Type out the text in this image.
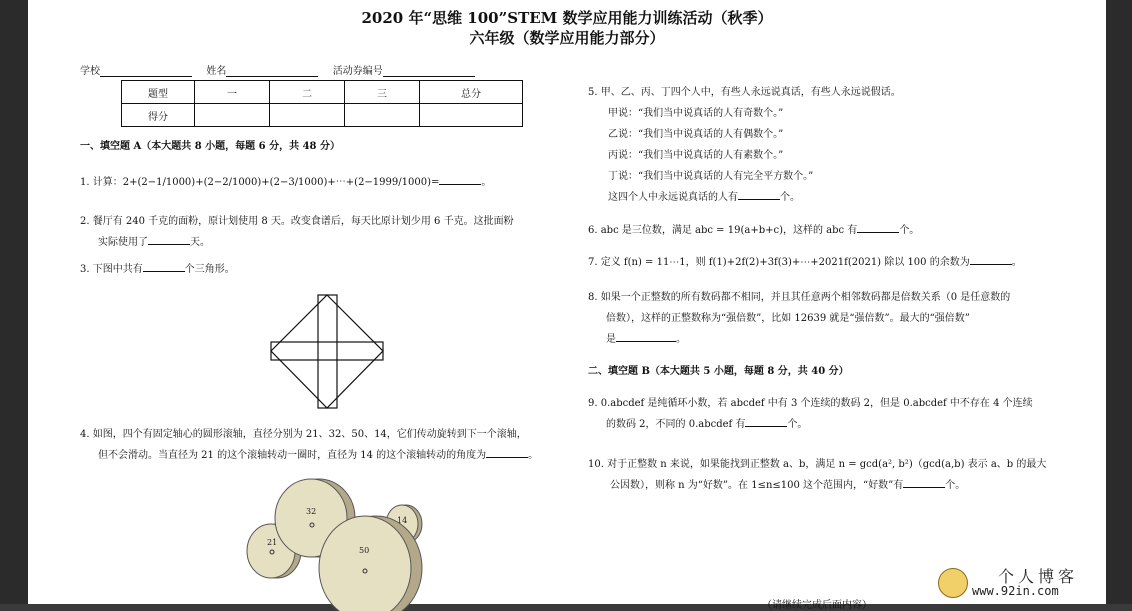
2020 年“思维 100”STEM 数学应用能力训练活动（秋季）
六年级（数学应用能力部分）
学校	姓名	活动券编号
题型	一	二	三	总分
得分				
一、填空题 A（本大题共 8 小题，每题 6 分，共 48 分）
1. 计算：2+(2−1/1000)+(2−2/1000)+(2−3/1000)+⋯+(2−1999/1000)=	。
2. 餐厅有 240 千克的面粉，原计划使用 8 天。改变食谱后，每天比原计划少用 6 千克。这批面粉
实际使用了	天。
3. 下图中共有	个三角形。
4. 如图，四个有固定轴心的圆形滚轴，直径分别为 21、32、50、14，它们传动旋转到下一个滚轴，
但不会滑动。当直径为 21 的这个滚轴转动一圈时，直径为 14 的这个滚轴转动的角度为	。
21
32
14
50
5. 甲、乙、丙、丁四个人中，有些人永远说真话，有些人永远说假话。
甲说：“我们当中说真话的人有奇数个。”
乙说：“我们当中说真话的人有偶数个。”
丙说：“我们当中说真话的人有素数个。”
丁说：“我们当中说真话的人有完全平方数个。”
这四个人中永远说真话的人有	个。
6. abc 是三位数，满足 abc = 19(a+b+c)，这样的 abc 有	个。
7. 定义 f(n) = 11⋯1，则 f(1)+2f(2)+3f(3)+⋯+2021f(2021) 除以 100 的余数为	。
8. 如果一个正整数的所有数码都不相同，并且其任意两个相邻数码都是倍数关系（0 是任意数的
倍数），这样的正整数称为“强倍数”，比如 12639 就是“强倍数”。最大的“强倍数”
是	。
二、填空题 B（本大题共 5 小题，每题 8 分，共 40 分）
9. 0.abcdef 是纯循环小数，若 abcdef 中有 3 个连续的数码 2，但是 0.abcdef 中不存在 4 个连续
的数码 2，不同的 0.abcdef 有	个。
10. 对于正整数 n 来说，如果能找到正整数 a、b，满足 n = gcd(a², b²)（gcd(a,b) 表示 a、b 的最大
公因数），则称 n 为“好数”。在 1≤n≤100 这个范围内，“好数”有	个。
（请继续完成后面内容）
个人博客
www.92in.com
